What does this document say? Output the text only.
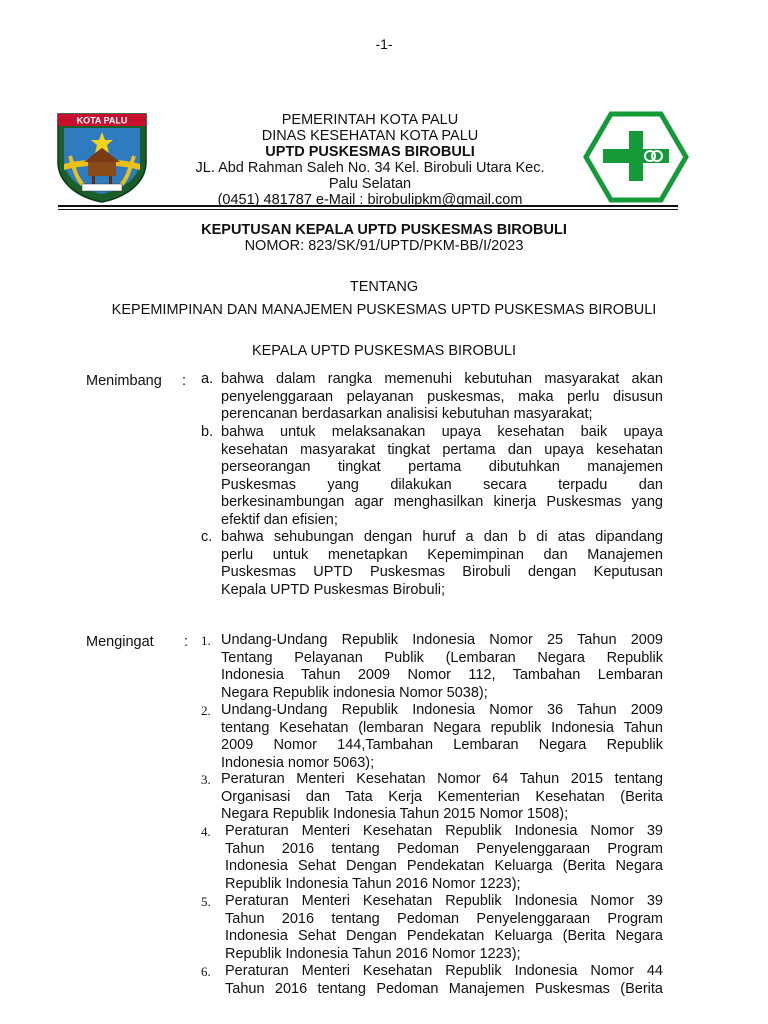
-1-
KOTA PALU	PEMERINTAH KOTA PALU
DINAS KESEHATAN KOTA PALU
UPTD PUSKESMAS BIROBULI
JL. Abd Rahman Saleh No. 34 Kel. Birobuli Utara Kec.
Palu Selatan
(0451) 481787 e-Mail : birobulipkm@gmail.com
KEPUTUSAN KEPALA UPTD PUSKESMAS BIROBULI
NOMOR: 823/SK/91/UPTD/PKM-BB/I/2023
TENTANG
KEPEMIMPINAN DAN MANAJEMEN PUSKESMAS UPTD PUSKESMAS BIROBULI
KEPALA UPTD PUSKESMAS BIROBULI
Menimbang : a. bahwa dalam rangka memenuhi kebutuhan masyarakat akan
penyelenggaraan pelayanan puskesmas, maka perlu disusun
perencanan berdasarkan analisisi kebutuhan masyarakat;
b. bahwa untuk melaksanakan upaya kesehatan baik upaya
kesehatan masyarakat tingkat pertama dan upaya kesehatan
perseorangan tingkat pertama dibutuhkan manajemen
Puskesmas yang dilakukan secara terpadu dan
berkesinambungan agar menghasilkan kinerja Puskesmas yang
efektif dan efisien;
c. bahwa sehubungan dengan huruf a dan b di atas dipandang
perlu untuk menetapkan Kepemimpinan dan Manajemen
Puskesmas UPTD Puskesmas Birobuli dengan Keputusan
Kepala UPTD Puskesmas Birobuli;
Mengingat : 1. Undang-Undang Republik Indonesia Nomor 25 Tahun 2009
Tentang Pelayanan Publik (Lembaran Negara Republik
Indonesia Tahun 2009 Nomor 112, Tambahan Lembaran
Negara Republik indonesia Nomor 5038);
2. Undang-Undang Republik Indonesia Nomor 36 Tahun 2009
tentang Kesehatan (lembaran Negara republik Indonesia Tahun
2009 Nomor 144,Tambahan Lembaran Negara Republik
Indonesia nomor 5063);
3. Peraturan Menteri Kesehatan Nomor 64 Tahun 2015 tentang
Organisasi dan Tata Kerja Kementerian Kesehatan (Berita
Negara Republik Indonesia Tahun 2015 Nomor 1508);
4. Peraturan Menteri Kesehatan Republik Indonesia Nomor 39
Tahun 2016 tentang Pedoman Penyelenggaraan Program
Indonesia Sehat Dengan Pendekatan Keluarga (Berita Negara
Republik Indonesia Tahun 2016 Nomor 1223);
5. Peraturan Menteri Kesehatan Republik Indonesia Nomor 39
Tahun 2016 tentang Pedoman Penyelenggaraan Program
Indonesia Sehat Dengan Pendekatan Keluarga (Berita Negara
Republik Indonesia Tahun 2016 Nomor 1223);
6. Peraturan Menteri Kesehatan Republik Indonesia Nomor 44
Tahun 2016 tentang Pedoman Manajemen Puskesmas (Berita
